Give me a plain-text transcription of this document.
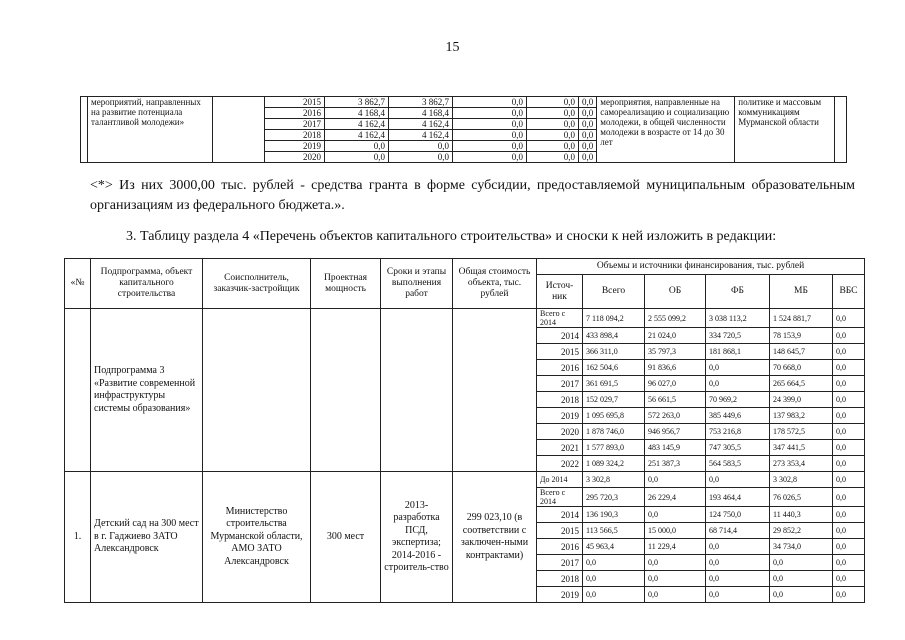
15
	мероприятий, направленных на развитие потенциала талантливой молодежи»		2015	3 862,7	3 862,7	0,0	0,0	0,0	мероприятия, направленные на самореализацию и социализацию молодежи, в общей численности молодежи в возрасте от 14 до 30 лет	политике и массовым коммуникациям Мурманской области	
			2016	4 168,4	4 168,4	0,0	0,0	0,0			
			2017	4 162,4	4 162,4	0,0	0,0	0,0			
			2018	4 162,4	4 162,4	0,0	0,0	0,0			
			2019	0,0	0,0	0,0	0,0	0,0			
			2020	0,0	0,0	0,0	0,0	0,0			

<*> Из них 3000,00 тыс. рублей - средства гранта в форме субсидии, предоставляемой муниципальным образовательным организациям из федерального бюджета.».

3. Таблицу раздела 4 «Перечень объектов капитального строительства» и сноски к ней изложить в редакции:
«№	Подпрограмма, объект капитального строительства	Соисполнитель, заказчик-застройщик	Проектная мощность	Сроки и этапы выполнения работ	Общая стоимость объекта, тыс. рублей	Объемы и источники финансирования, тыс. рублей					
						Источ-ник	Всего	ОБ	ФБ	МБ	ВБС
	Подпрограмма 3 «Развитие современной инфраструктуры системы образования»					Всего с 2014	7 118 094,2	2 555 099,2	3 038 113,2	1 524 881,7	0,0
						2014	433 898,4	21 024,0	334 720,5	78 153,9	0,0
						2015	366 311,0	35 797,3	181 868,1	148 645,7	0,0
						2016	162 504,6	91 836,6	0,0	70 668,0	0,0
						2017	361 691,5	96 027,0	0,0	265 664,5	0,0
						2018	152 029,7	56 661,5	70 969,2	24 399,0	0,0
						2019	1 095 695,8	572 263,0	385 449,6	137 983,2	0,0
						2020	1 878 746,0	946 956,7	753 216,8	178 572,5	0,0
						2021	1 577 893,0	483 145,9	747 305,5	347 441,5	0,0
						2022	1 089 324,2	251 387,3	564 583,5	273 353,4	0,0
1.	Детский сад на 300 мест в г. Гаджиево ЗАТО Александровск	Министерство строительства Мурманской области, АМО ЗАТО Александровск	300 мест	2013-разработка ПСД, экспертиза; 2014-2016 - строитель-ство	299 023,10 (в соответствии с заключен-ными контрактами)	До 2014	3 302,8	0,0	0,0	3 302,8	0,0
						Всего с 2014	295 720,3	26 229,4	193 464,4	76 026,5	0,0
						2014	136 190,3	0,0	124 750,0	11 440,3	0,0
						2015	113 566,5	15 000,0	68 714,4	29 852,2	0,0
						2016	45 963,4	11 229,4	0,0	34 734,0	0,0
						2017	0,0	0,0	0,0	0,0	0,0
						2018	0,0	0,0	0,0	0,0	0,0
						2019	0,0	0,0	0,0	0,0	0,0
